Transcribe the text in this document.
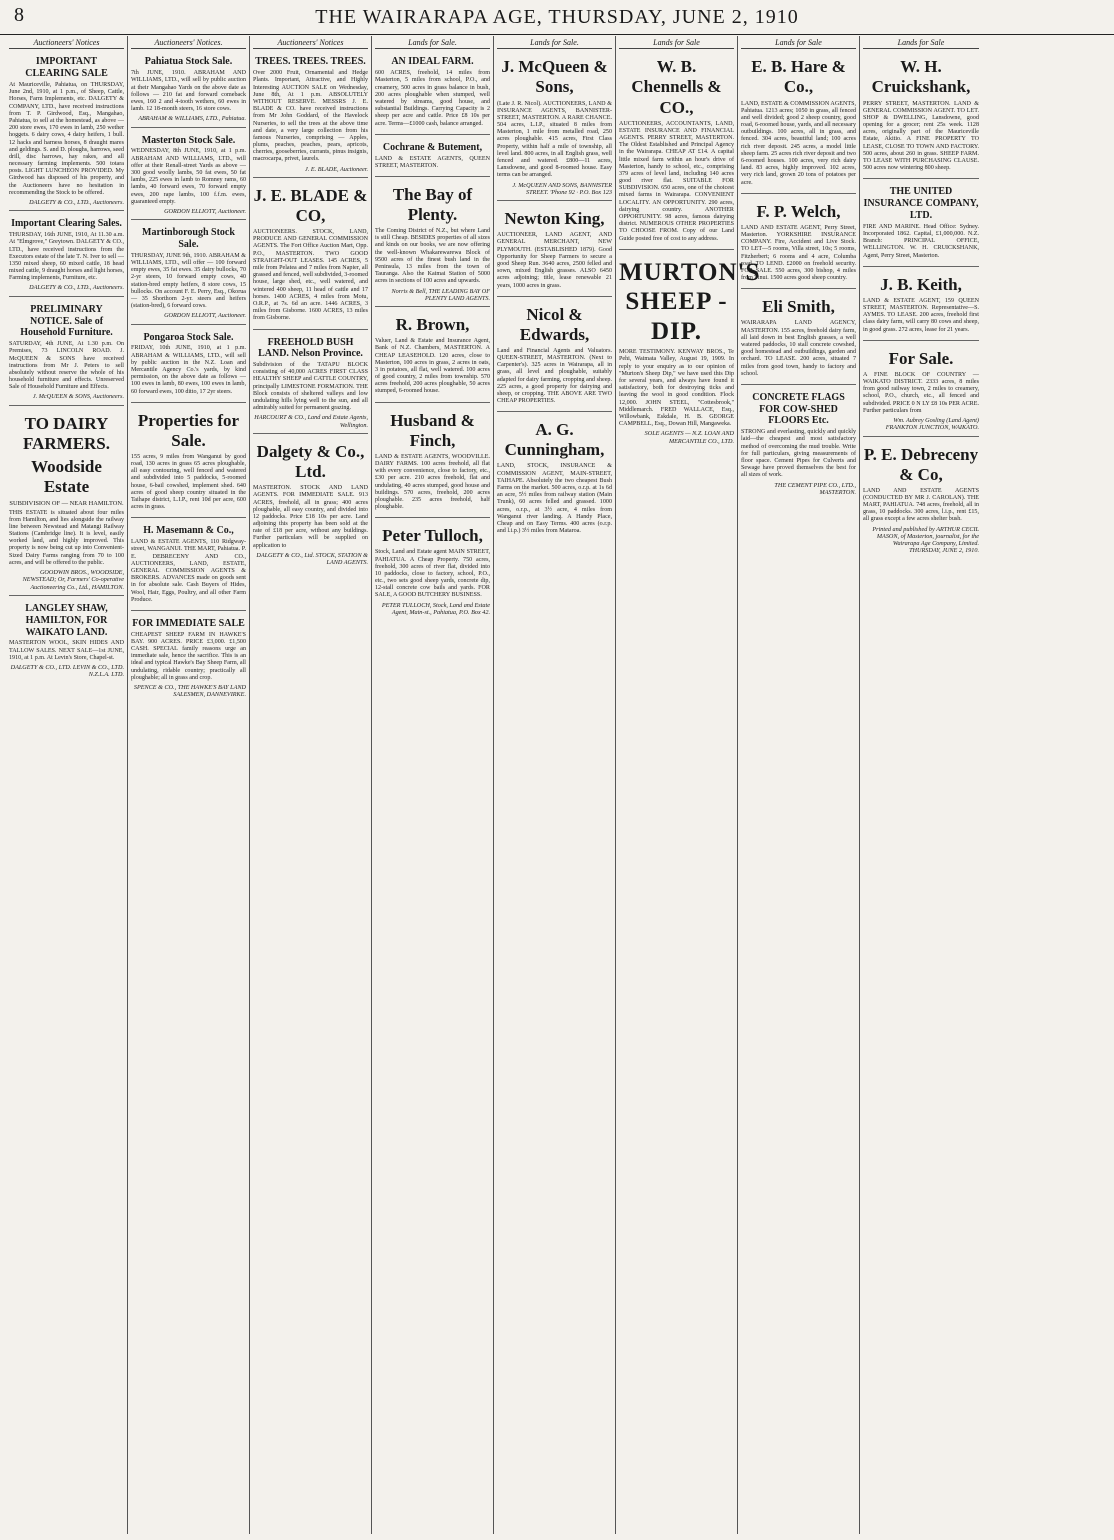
8	THE WAIRARAPA AGE, THURSDAY, JUNE 2, 1910
Auctioneers' Notices
IMPORTANT CLEARING SALE
At Mauriceville, Pahiatua, on THURSDAY, June 2nd, 1910, at 1 p.m., of Sheep, Cattle, Horses, Farm Implements, etc. DALGETY & COMPANY, LTD., have received instructions from T. P. Girdwood, Esq., Mangahao, Pahiatua, to sell at the homestead, as above — 200 store ewes, 170 ewes in lamb, 250 wether hoggets. 6 dairy cows, 4 dairy heifers, 1 bull. 12 hacks and harness horses, 8 draught mares and geldings. S. and D. ploughs, harrows, seed drill, disc harrows, hay rakes, and all necessary farming implements. 500 totara posts. LIGHT LUNCHEON PROVIDED. My Girdwood has disposed of his property, and the Auctioneers have no hesitation in recommending the Stock to be offered.
DALGETY & CO., LTD., Auctioneers.
Important Clearing Sales.
THURSDAY, 16th JUNE, 1910, At 11.30 a.m. At "Elmgrove," Greytown. DALGETY & CO., LTD., have received instructions from the Executors estate of the late T. N. Iver to sell — 1350 mixed sheep, 60 mixed cattle, 18 head mixed cattle, 9 draught horses and light horses, Farming implements, Furniture, etc.
DALGETY & CO., LTD., Auctioneers.
PRELIMINARY NOTICE. Sale of Household Furniture.
SATURDAY, 4th JUNE, At 1.30 p.m. On Premises, 73 LINCOLN ROAD. J. McQUEEN & SONS have received instructions from Mr J. Peters to sell absolutely without reserve the whole of his household furniture and effects. Unreserved Sale of Household Furniture and Effects.
J. McQUEEN & SONS, Auctioneers.
TO DAIRY FARMERS.
Woodside Estate
SUBDIVISION OF — NEAR HAMILTON.
THIS ESTATE is situated about four miles from Hamilton, and lies alongside the railway line between Newstead and Matangi Railway Stations (Cambridge line). It is level, easily worked land, and highly improved. This property is now being cut up into Convenient-Sized Dairy Farms ranging from 70 to 100 acres, and will be offered to the public.
GOODWIN BROS., WOODSIDE, NEWSTEAD; Or, Farmers' Co-operative Auctioneering Co., Ltd., HAMILTON.
LANGLEY SHAW, HAMILTON, FOR WAIKATO LAND.
MASTERTON WOOL, SKIN HIDES AND TALLOW SALES. NEXT SALE—1st JUNE, 1910, at 1 p.m. At Levin's Store, Chapel-st.
DALGETY & CO., LTD. LEVIN & CO., LTD. N.Z.L.A. LTD.
Auctioneers' Notices.
Pahiatua Stock Sale.
7th JUNE, 1910. ABRAHAM AND WILLIAMS, LTD., will sell by public auction at their Mangahao Yards on the above date as follows — 210 fat and forward comeback ewes, 160 2 and 4-tooth wethers, 60 ewes in lamb. 12 18-month steers, 16 store cows.
ABRAHAM & WILLIAMS, LTD., Pahiatua.
Masterton Stock Sale.
WEDNESDAY, 8th JUNE, 1910, at 1 p.m. ABRAHAM AND WILLIAMS, LTD., will offer at their Renall-street Yards as above — 300 good woolly lambs, 50 fat ewes, 50 fat lambs, 225 ewes in lamb to Romney rams, 60 lambs, 40 forward ewes, 70 forward empty ewes, 200 rape lambs, 100 f.f.m. ewes, guaranteed empty.
GORDON ELLIOTT, Auctioneer.
Martinborough Stock Sale.
THURSDAY, JUNE 9th, 1910. ABRAHAM & WILLIAMS, LTD., will offer — 100 forward empty ewes, 35 fat ewes. 35 dairy bullocks, 70 2-yr steers, 10 forward empty cows, 40 station-bred empty heifers, 8 store cows, 15 bullocks. On account F. E. Perry, Esq., Okorua — 35 Shorthorn 2-yr. steers and heifers (station-bred), 6 forward cows.
GORDON ELLIOTT, Auctioneer.
Pongaroa Stock Sale.
FRIDAY, 10th JUNE, 1910, at 1 p.m. ABRAHAM & WILLIAMS, LTD., will sell by public auction in the N.Z. Loan and Mercantile Agency Co.'s yards, by kind permission, on the above date as follows — 100 ewes in lamb, 80 ewes, 100 ewes in lamb, 60 forward ewes, 100 ditto, 17 2yr steers.
Properties for Sale.
155 acres, 9 miles from Wanganui by good road, 130 acres in grass 65 acres ploughable, all easy contouring, well fenced and watered and subdivided into 5 paddocks, 5-roomed house, 6-bail cowshed, implement shed. 640 acres of good sheep country situated in the Taihape district, L.I.P., rent 10d per acre, 600 acres in grass.
H. Masemann & Co.,
LAND & ESTATE AGENTS, 110 Ridgway-street, WANGANUI. THE MART, Pahiatua. P. E. DEBRECENY AND CO., AUCTIONEERS, LAND, ESTATE, GENERAL COMMISSION AGENTS & BROKERS. ADVANCES made on goods sent in for absolute sale. Cash Buyers of Hides, Wool, Hair, Eggs, Poultry, and all other Farm Produce.
FOR IMMEDIATE SALE
CHEAPEST SHEEP FARM IN HAWKE'S BAY. 900 ACRES. PRICE £3,000. £1,500 CASH. SPECIAL family reasons urge an immediate sale, hence the sacrifice. This is an ideal and typical Hawke's Bay Sheep Farm, all undulating, ridable country; practically all ploughable; all in grass and crop.
SPENCE & CO., THE HAWKE'S BAY LAND SALESMEN, DANNEVIRKE.
Auctioneers' Notices
TREES. TREES. TREES.
Over 2000 Fruit, Ornamental and Hedge Plants. Important, Attractive, and Highly Interesting AUCTION SALE on Wednesday, June 8th, At 1 p.m. ABSOLUTELY WITHOUT RESERVE. MESSRS J. E. BLADE & CO. have received instructions from Mr John Goddard, of the Havelock Nurseries, to sell the trees at the above time and date, a very large collection from his famous Nurseries, comprising — Apples, plums, peaches, peaches, pears, apricots, cherries, gooseberries, currants, pinus insignis, macrocarpa, privet, laurels.
J. E. BLADE, Auctioneer.
J. E. BLADE & CO,
AUCTIONEERS. STOCK, LAND, PRODUCE AND GENERAL COMMISSION AGENTS. The Fort Office Auction Mart, Opp. P.O., MASTERTON. TWO GOOD STRAIGHT-OUT LEASES. 145 ACRES, 5 mile from Pelatea and 7 miles from Napier, all grassed and fenced, well subdivided, 3-roomed house, large shed, etc., well watered, and wintered 400 sheep, 11 head of cattle and 17 horses. 1400 ACRES, 4 miles from Motu, O.R.P., at 7s. 6d an acre. 1446 ACRES, 3 miles from Gisborne. 1600 ACRES, 13 miles from Gisborne.
FREEHOLD BUSH LAND. Nelson Province.
Subdivision of the TATAPU BLOCK consisting of 40,000 ACRES FIRST CLASS HEALTHY SHEEP and CATTLE COUNTRY, principally LIMESTONE FORMATION. THE Block consists of sheltered valleys and low undulating hills lying well to the sun, and all admirably suited for permanent grazing.
HARCOURT & CO., Land and Estate Agents, Wellington.
Dalgety & Co., Ltd.
MASTERTON. STOCK AND LAND AGENTS. FOR IMMEDIATE SALE. 913 ACRES, freehold, all in grass; 400 acres ploughable, all easy country, and divided into 12 paddocks. Price £18 10s per acre. Land adjoining this property has been sold at the rate of £18 per acre, without any buildings. Further particulars will be supplied on application to
DALGETY & CO., Ltd. STOCK, STATION & LAND AGENTS.
Lands for Sale.
AN IDEAL FARM.
600 ACRES, freehold, 14 miles from Masterton, 5 miles from school, P.O., and creamery, 500 acres in grass balance in bush, 200 acres ploughable when stumped, well watered by streams, good house, and substantial Buildings. Carrying Capacity is 2 sheep per acre and cattle. Price £8 10s per acre. Terms—£1000 cash, balance arranged.
Cochrane & Butement,
LAND & ESTATE AGENTS, QUEEN STREET, MASTERTON.
The Bay of Plenty.
The Coming District of N.Z., but where Land is still Cheap. BESIDES properties of all sizes and kinds on our books, we are now offering the well-known Whakarewarewa Block of 9500 acres of the finest bush land in the Peninsula, 13 miles from the town of Tauranga. Also the Kaimai Station of 5000 acres in sections of 100 acres and upwards.
Norris & Bell, THE LEADING BAY OF PLENTY LAND AGENTS.
R. Brown,
Valuer, Land & Estate and Insurance Agent, Bank of N.Z. Chambers, MASTERTON. A CHEAP LEASEHOLD. 120 acres, close to Masterton, 100 acres in grass, 2 acres in oats, 3 in potatoes, all flat, well watered. 100 acres of good country, 2 miles from township. 570 acres freehold, 200 acres ploughable, 50 acres stumped, 6-roomed house.
Husband & Finch,
LAND & ESTATE AGENTS, WOODVILLE. DAIRY FARMS. 100 acres freehold, all flat with every convenience, close to factory, etc., £30 per acre. 210 acres freehold, flat and undulating, 40 acres stumped, good house and buildings. 570 acres, freehold, 200 acres ploughable. 235 acres freehold, half ploughable.
Peter Tulloch,
Stock, Land and Estate agent MAIN STREET, PAHIATUA. A Cheap Property. 750 acres, freehold, 300 acres of river flat, divided into 10 paddocks, close to factory, school, P.O., etc., two sets good sheep yards, concrete dip, 12-stall concrete cow bails and yards. FOR SALE, A GOOD BUTCHERY BUSINESS.
PETER TULLOCH, Stock, Land and Estate Agent, Main-st., Pahiatua, P.O. Box 42.
Lands for Sale.
J. McQueen & Sons,
(Late J. R. Nicol). AUCTIONEERS, LAND & INSURANCE AGENTS, BANNISTER-STREET, MASTERTON. A RARE CHANCE. 504 acres, L.I.P., situated 8 miles from Masterton, 1 mile from metalled road, 250 acres ploughable. 415 acres, First Class Property, within half a mile of township, all level land. 800 acres, in all English grass, well fenced and watered. £800—11 acres, Lansdowne, and good 8-roomed house. Easy terms can be arranged.
J. McQUEEN AND SONS, BANNISTER STREET. 'Phone 92 · P.O. Box 123
Newton King,
AUCTIONEER, LAND AGENT, AND GENERAL MERCHANT, NEW PLYMOUTH. (ESTABLISHED 1879). Good Opportunity for Sheep Farmers to secure a good Sheep Run. 3640 acres, 2500 felled and sown, mixed English grasses. ALSO 6450 acres adjoining; title, lease renewable 21 years, 1000 acres in grass.
Nicol & Edwards,
Land and Financial Agents and Valuators. QUEEN-STREET, MASTERTON. (Next to Carpenter's). 325 acres in Wairarapa, all in grass, all level and ploughable, suitably adapted for dairy farming, cropping and sheep. 225 acres, a good property for dairying and sheep, or cropping. THE ABOVE ARE TWO CHEAP PROPERTIES.
A. G. Cunningham,
LAND, STOCK, INSURANCE & COMMISSION AGENT, MAIN-STREET, TAIHAPE. Absolutely the two cheapest Bush Farms on the market. 500 acres, o.r.p. at 1s 6d an acre, 5½ miles from railway station (Main Trunk), 60 acres felled and grassed. 1000 acres, o.r.p., at 3½ acre, 4 miles from Wanganui river landing. A Handy Place, Cheap and on Easy Terms. 400 acres (o.r.p. and l.i.p.) 3½ miles from Mataroa.
Lands for Sale
W. B. Chennells & CO.,
AUCTIONEERS, ACCOUNTANTS, LAND, ESTATE INSURANCE AND FINANCIAL AGENTS. PERRY STREET, MASTERTON. The Oldest Established and Principal Agency in the Wairarapa. CHEAP AT £14. A capital little mixed farm within an hour's drive of Masterton, handy to school, etc., comprising 379 acres of level land, including 140 acres good river flat. SUITABLE FOR SUBDIVISION. 650 acres, one of the choicest mixed farms in Wairarapa. CONVENIENT LOCALITY. AN OPPORTUNITY. 290 acres, dairying country. ANOTHER OPPORTUNITY. 98 acres, famous dairying district. NUMEROUS OTHER PROPERTIES TO CHOOSE FROM. Copy of our Land Guide posted free of cost to any address.
MURTON'S SHEEP - DIP.
MORE TESTIMONY. KENWAY BROS., Te Pehi, Waimata Valley, August 19, 1909. In reply to your enquiry as to our opinion of "Murton's Sheep Dip," we have used this Dip for several years, and always have found it satisfactory, both for destroying ticks and leaving the wool in good condition. Flock 12,000. JOHN STEEL, "Cottesbrook," Middlemarch. FRED WALLACE, Esq., Willowbank, Eskdale, H. B. GEORGE CAMPBELL, Esq., Dowan Hill, Mangaweka.
SOLE AGENTS — N.Z. LOAN AND MERCANTILE CO., LTD.
Lands for Sale
E. B. Hare & Co.,
LAND, ESTATE & COMMISSION AGENTS, Pahiatua. 1213 acres; 1050 in grass, all fenced and well divided; good 2 sheep country, good road, 6-roomed house, yards, and all necessary outbuildings. 100 acres, all in grass, and fenced. 304 acres, beautiful land; 100 acres rich river deposit. 245 acres, a model little sheep farm. 25 acres rich river deposit and two 6-roomed houses. 100 acres, very rich dairy land. 83 acres, highly improved. 102 acres, very rich land, grown 20 tons of potatoes per acre.
F. P. Welch,
LAND AND ESTATE AGENT, Perry Street, Masterton. YORKSHIRE INSURANCE COMPANY. Fire, Accident and Live Stock. TO LET—5 rooms, Villa street, 10s; 5 rooms, Fitzherbert; 6 rooms and 4 acre, Columba road. TO LEND. £2000 on freehold security. FOR SALE. 550 acres, 300 bishop, 4 miles from Tinui. 1500 acres good sheep country.
Eli Smith,
WAIRARAPA LAND AGENCY, MASTERTON. 155 acres, freehold dairy farm, all laid down in best English grasses, a well watered paddocks, 10 stall concrete cowshed, good homestead and outbuildings, garden and orchard. TO LEASE. 200 acres, situated 7 miles from good town, handy to factory and school.
CONCRETE FLAGS FOR COW-SHED FLOORS Etc.
STRONG and everlasting, quickly and quickly laid—the cheapest and most satisfactory method of overcoming the mud trouble. Write for full particulars, giving measurements of floor space. Cement Pipes for Culverts and Sewage have proved themselves the best for all sizes of work.
THE CEMENT PIPE CO., LTD., MASTERTON.
Lands for Sale
W. H. Cruickshank,
PERRY STREET, MASTERTON. LAND & GENERAL COMMISSION AGENT. TO LET. SHOP & DWELLING, Lansdowne, good opening for a grocer; rent 25s week. 1128 acres, originally part of the Mauriceville Estate, Akitio. A FINE PROPERTY TO LEASE, CLOSE TO TOWN AND FACTORY. 500 acres, about 260 in grass. SHEEP FARM. TO LEASE WITH PURCHASING CLAUSE. 500 acres now wintering 800 sheep.
THE UNITED INSURANCE COMPANY, LTD.
FIRE AND MARINE. Head Office: Sydney. Incorporated 1862. Capital, £1,000,000. N.Z. Branch: PRINCIPAL OFFICE, WELLINGTON. W. H. CRUICKSHANK, Agent, Perry Street, Masterton.
J. B. Keith,
LAND & ESTATE AGENT, 159 QUEEN STREET, MASTERTON. Representative—S. AYMES. TO LEASE. 200 acres, freehold first class dairy farm, will carry 80 cows and sheep, in good grass. 272 acres, lease for 21 years.
For Sale.
A FINE BLOCK OF COUNTRY — WAIKATO DISTRICT. 2333 acres, 8 miles from good railway town, 2 miles to creamery, school, P.O., church, etc., all fenced and subdivided. PRICE 0 N LY £8 10s PER ACRE. Further particulars from
Wm. Aubrey Gosling (Land Agent) FRANKTON JUNCTION, WAIKATO.
P. E. Debreceny & Co,
LAND AND ESTATE AGENTS (CONDUCTED BY MR J. CAROLAN). THE MART, PAHIATUA. 748 acres, freehold, all in grass, 10 paddocks. 300 acres, l.i.p., rent £15, all grass except a few acres shelter bush.
Printed and published by ARTHUR CECIL MASON, of Masterton, journalist, for the Wairarapa Age Company, Limited. THURSDAY, JUNE 2, 1910.
